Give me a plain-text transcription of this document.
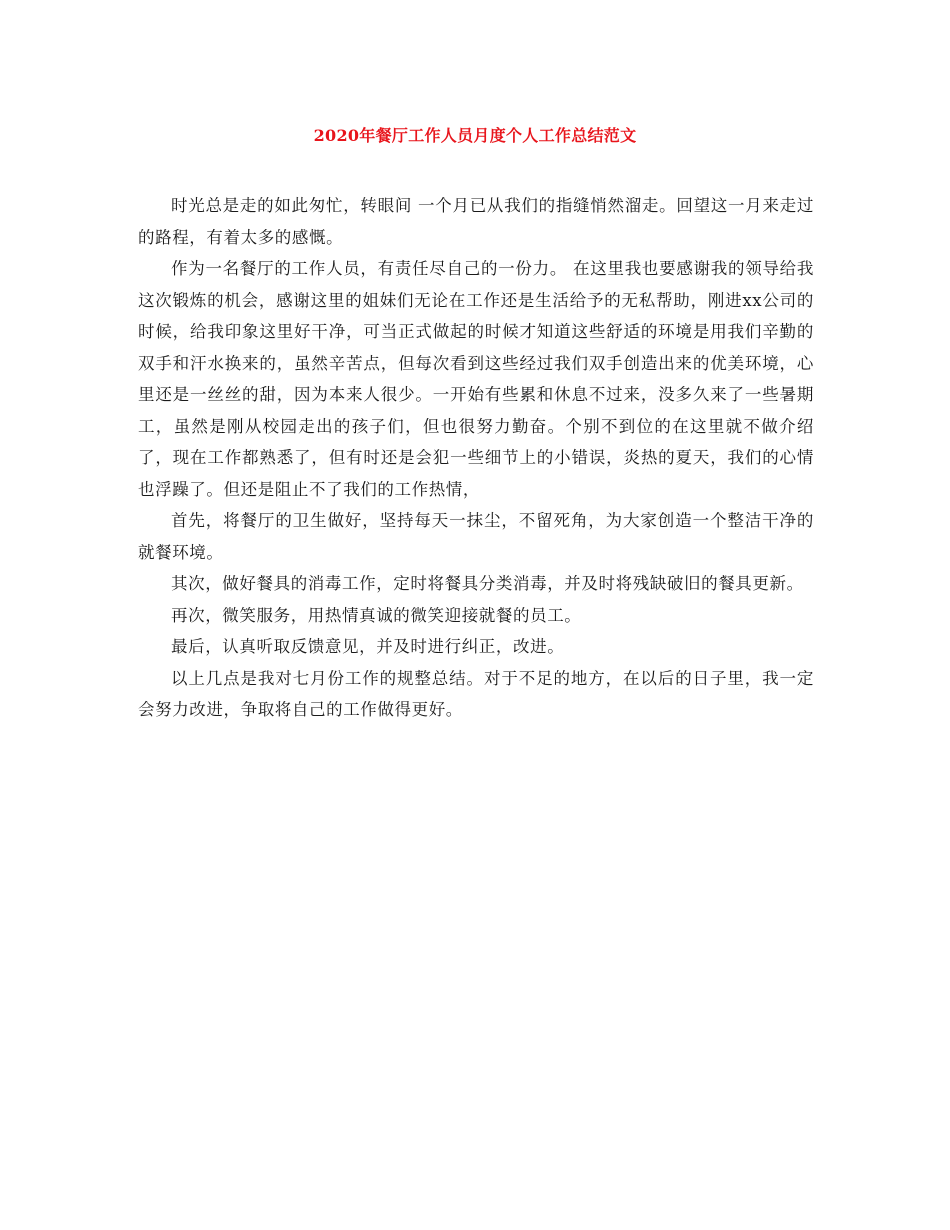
2020年餐厅工作人员月度个人工作总结范文

时光总是走的如此匆忙，转眼间 一个月已从我们的指缝悄然溜走。回望这一月来走过的路程，有着太多的感慨。

作为一名餐厅的工作人员，有责任尽自己的一份力。 在这里我也要感谢我的领导给我这次锻炼的机会，感谢这里的姐妹们无论在工作还是生活给予的无私帮助，刚进xx公司的时候，给我印象这里好干净，可当正式做起的时候才知道这些舒适的环境是用我们辛勤的双手和汗水换来的，虽然辛苦点，但每次看到这些经过我们双手创造出来的优美环境，心里还是一丝丝的甜，因为本来人很少。一开始有些累和休息不过来，没多久来了一些暑期工，虽然是刚从校园走出的孩子们，但也很努力勤奋。个别不到位的在这里就不做介绍了，现在工作都熟悉了，但有时还是会犯一些细节上的小错误，炎热的夏天，我们的心情也浮躁了。但还是阻止不了我们的工作热情，

首先，将餐厅的卫生做好，坚持每天一抹尘，不留死角，为大家创造一个整洁干净的就餐环境。

其次，做好餐具的消毒工作，定时将餐具分类消毒，并及时将残缺破旧的餐具更新。

再次，微笑服务，用热情真诚的微笑迎接就餐的员工。

最后，认真听取反馈意见，并及时进行纠正，改进。

以上几点是我对七月份工作的规整总结。对于不足的地方，在以后的日子里，我一定会努力改进，争取将自己的工作做得更好。
